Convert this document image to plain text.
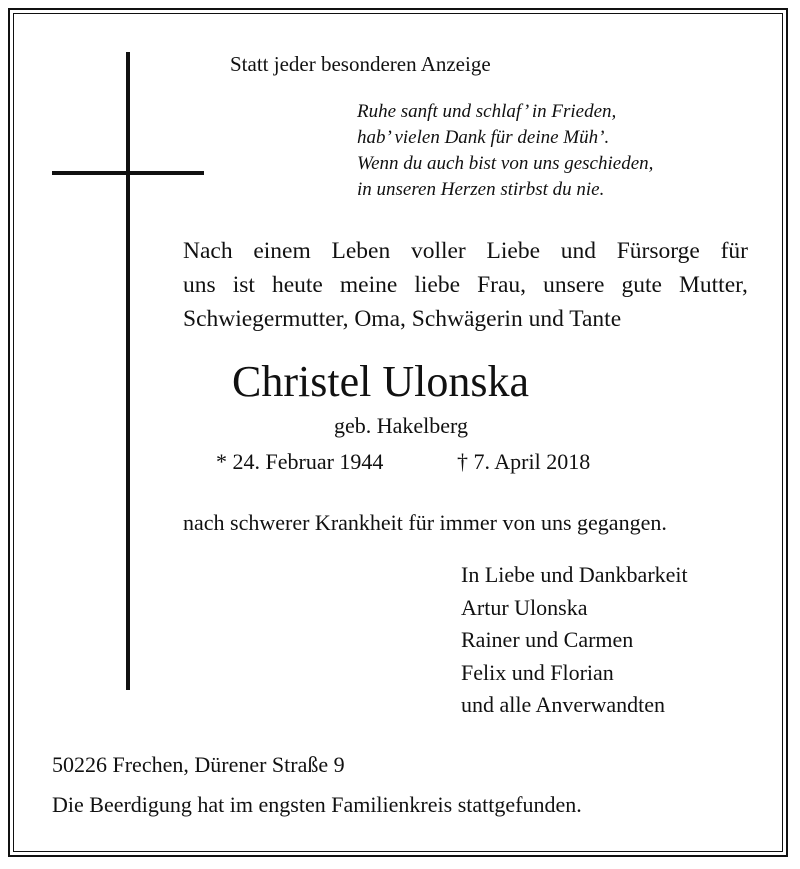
Statt jeder besonderen Anzeige
Ruhe sanft und schlaf’ in Frieden,
hab’ vielen Dank für deine Müh’.
Wenn du auch bist von uns geschieden,
in unseren Herzen stirbst du nie.
Nach einem Leben voller Liebe und Fürsorge für
uns ist heute meine liebe Frau, unsere gute Mutter,
Schwiegermutter, Oma, Schwägerin und Tante
Christel Ulonska
geb. Hakelberg
* 24. Februar 1944	† 7. April 2018
nach schwerer Krankheit für immer von uns gegangen.
In Liebe und Dankbarkeit
Artur Ulonska
Rainer und Carmen
Felix und Florian
und alle Anverwandten
50226 Frechen, Dürener Straße 9
Die Beerdigung hat im engsten Familienkreis stattgefunden.
